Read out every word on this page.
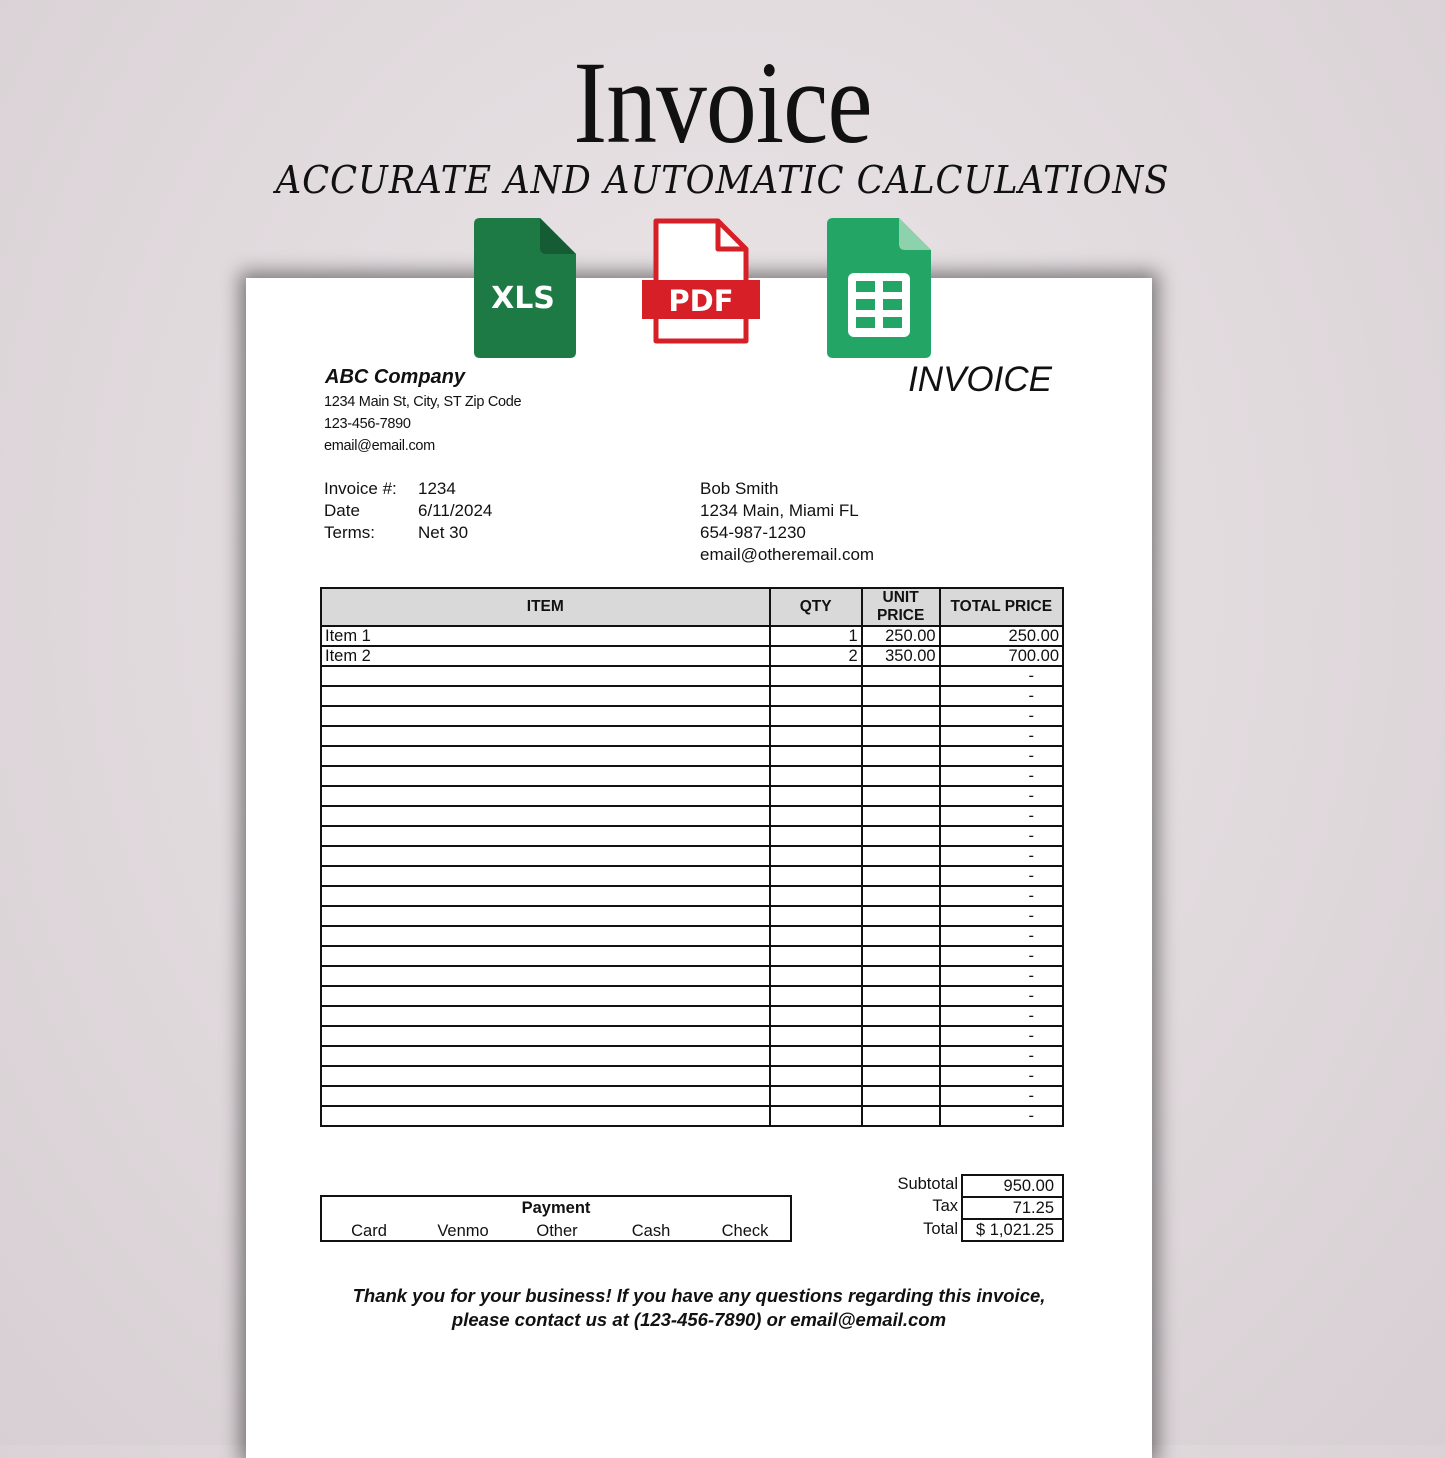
Invoice
ACCURATE AND AUTOMATIC CALCULATIONS
ABC Company
1234 Main St, City, ST Zip Code
123-456-7890
email@email.com
INVOICE
Invoice #: 1234
Date	6/11/2024
Terms:	Net 30
Bob Smith
1234 Main, Miami FL
654-987-1230
email@otheremail.com
ITEM	QTY	UNIT PRICE	TOTAL PRICE
Item 1	1	250.00	250.00
Item 2	2	350.00	700.00
			-
			-
			-
			-
			-
			-
			-
			-
			-
			-
			-
			-
			-
			-
			-
			-
			-
			-
			-
			-
			-
			-
			-
Payment
Card	Venmo	Other	Cash	Check
Subtotal	950.00
Tax	71.25
Total	$ 1,021.25
Thank you for your business! If you have any questions regarding this invoice,
please contact us at (123-456-7890) or email@email.com
XLS	PDF
